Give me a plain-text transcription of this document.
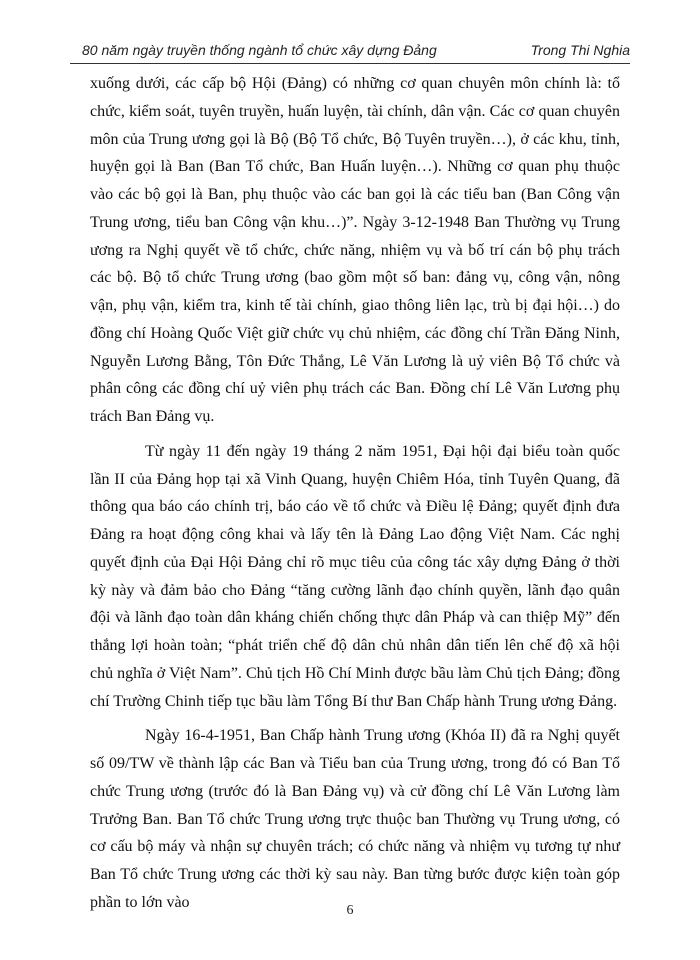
80 năm ngày truyền thống ngành tổ chức xây dựng Đảng	Trong Thi Nghia

xuống dưới, các cấp bộ Hội (Đảng) có những cơ quan chuyên môn chính là: tổ chức, kiểm soát, tuyên truyền, huấn luyện, tài chính, dân vận. Các cơ quan chuyên môn của Trung ương gọi là Bộ (Bộ Tổ chức, Bộ Tuyên truyền…), ở các khu, tỉnh, huyện gọi là Ban (Ban Tổ chức, Ban Huấn luyện…). Những cơ quan phụ thuộc vào các bộ gọi là Ban, phụ thuộc vào các ban gọi là các tiểu ban (Ban Công vận Trung ương, tiểu ban Công vận khu…)”. Ngày 3-12-1948 Ban Thường vụ Trung ương ra Nghị quyết về tổ chức, chức năng, nhiệm vụ và bố trí cán bộ phụ trách các bộ. Bộ tổ chức Trung ương (bao gồm một số ban: đảng vụ, công vận, nông vận, phụ vận, kiểm tra, kinh tế tài chính, giao thông liên lạc, trù bị đại hội…) do đồng chí Hoàng Quốc Việt giữ chức vụ chủ nhiệm, các đồng chí Trần Đăng Ninh, Nguyễn Lương Bằng, Tôn Đức Thắng, Lê Văn Lương là uỷ viên Bộ Tổ chức và phân công các đồng chí uỷ viên phụ trách các Ban. Đồng chí Lê Văn Lương phụ trách Ban Đảng vụ.

Từ ngày 11 đến ngày 19 tháng 2 năm 1951, Đại hội đại biểu toàn quốc lần II của Đảng họp tại xã Vinh Quang, huyện Chiêm Hóa, tỉnh Tuyên Quang, đã thông qua báo cáo chính trị, báo cáo về tổ chức và Điều lệ Đảng; quyết định đưa Đảng ra hoạt động công khai và lấy tên là Đảng Lao động Việt Nam. Các nghị quyết định của Đại Hội Đảng chỉ rõ mục tiêu của công tác xây dựng Đảng ở thời kỳ này và đảm bảo cho Đảng “tăng cường lãnh đạo chính quyền, lãnh đạo quân đội và lãnh đạo toàn dân kháng chiến chống thực dân Pháp và can thiệp Mỹ” đến thắng lợi hoàn toàn; “phát triển chế độ dân chủ nhân dân tiến lên chế độ xã hội chủ nghĩa ở Việt Nam”. Chủ tịch Hồ Chí Minh được bầu làm Chủ tịch Đảng; đồng chí Trường Chinh tiếp tục bầu làm Tổng Bí thư Ban Chấp hành Trung ương Đảng.

Ngày 16-4-1951, Ban Chấp hành Trung ương (Khóa II) đã ra Nghị quyết số 09/TW về thành lập các Ban và Tiểu ban của Trung ương, trong đó có Ban Tổ chức Trung ương (trước đó là Ban Đảng vụ) và cử đồng chí Lê Văn Lương làm Trưởng Ban. Ban Tổ chức Trung ương trực thuộc ban Thường vụ Trung ương, có cơ cấu bộ máy và nhận sự chuyên trách; có chức năng và nhiệm vụ tương tự như Ban Tổ chức Trung ương các thời kỳ sau này. Ban từng bước được kiện toàn góp phần to lớn vào	6
